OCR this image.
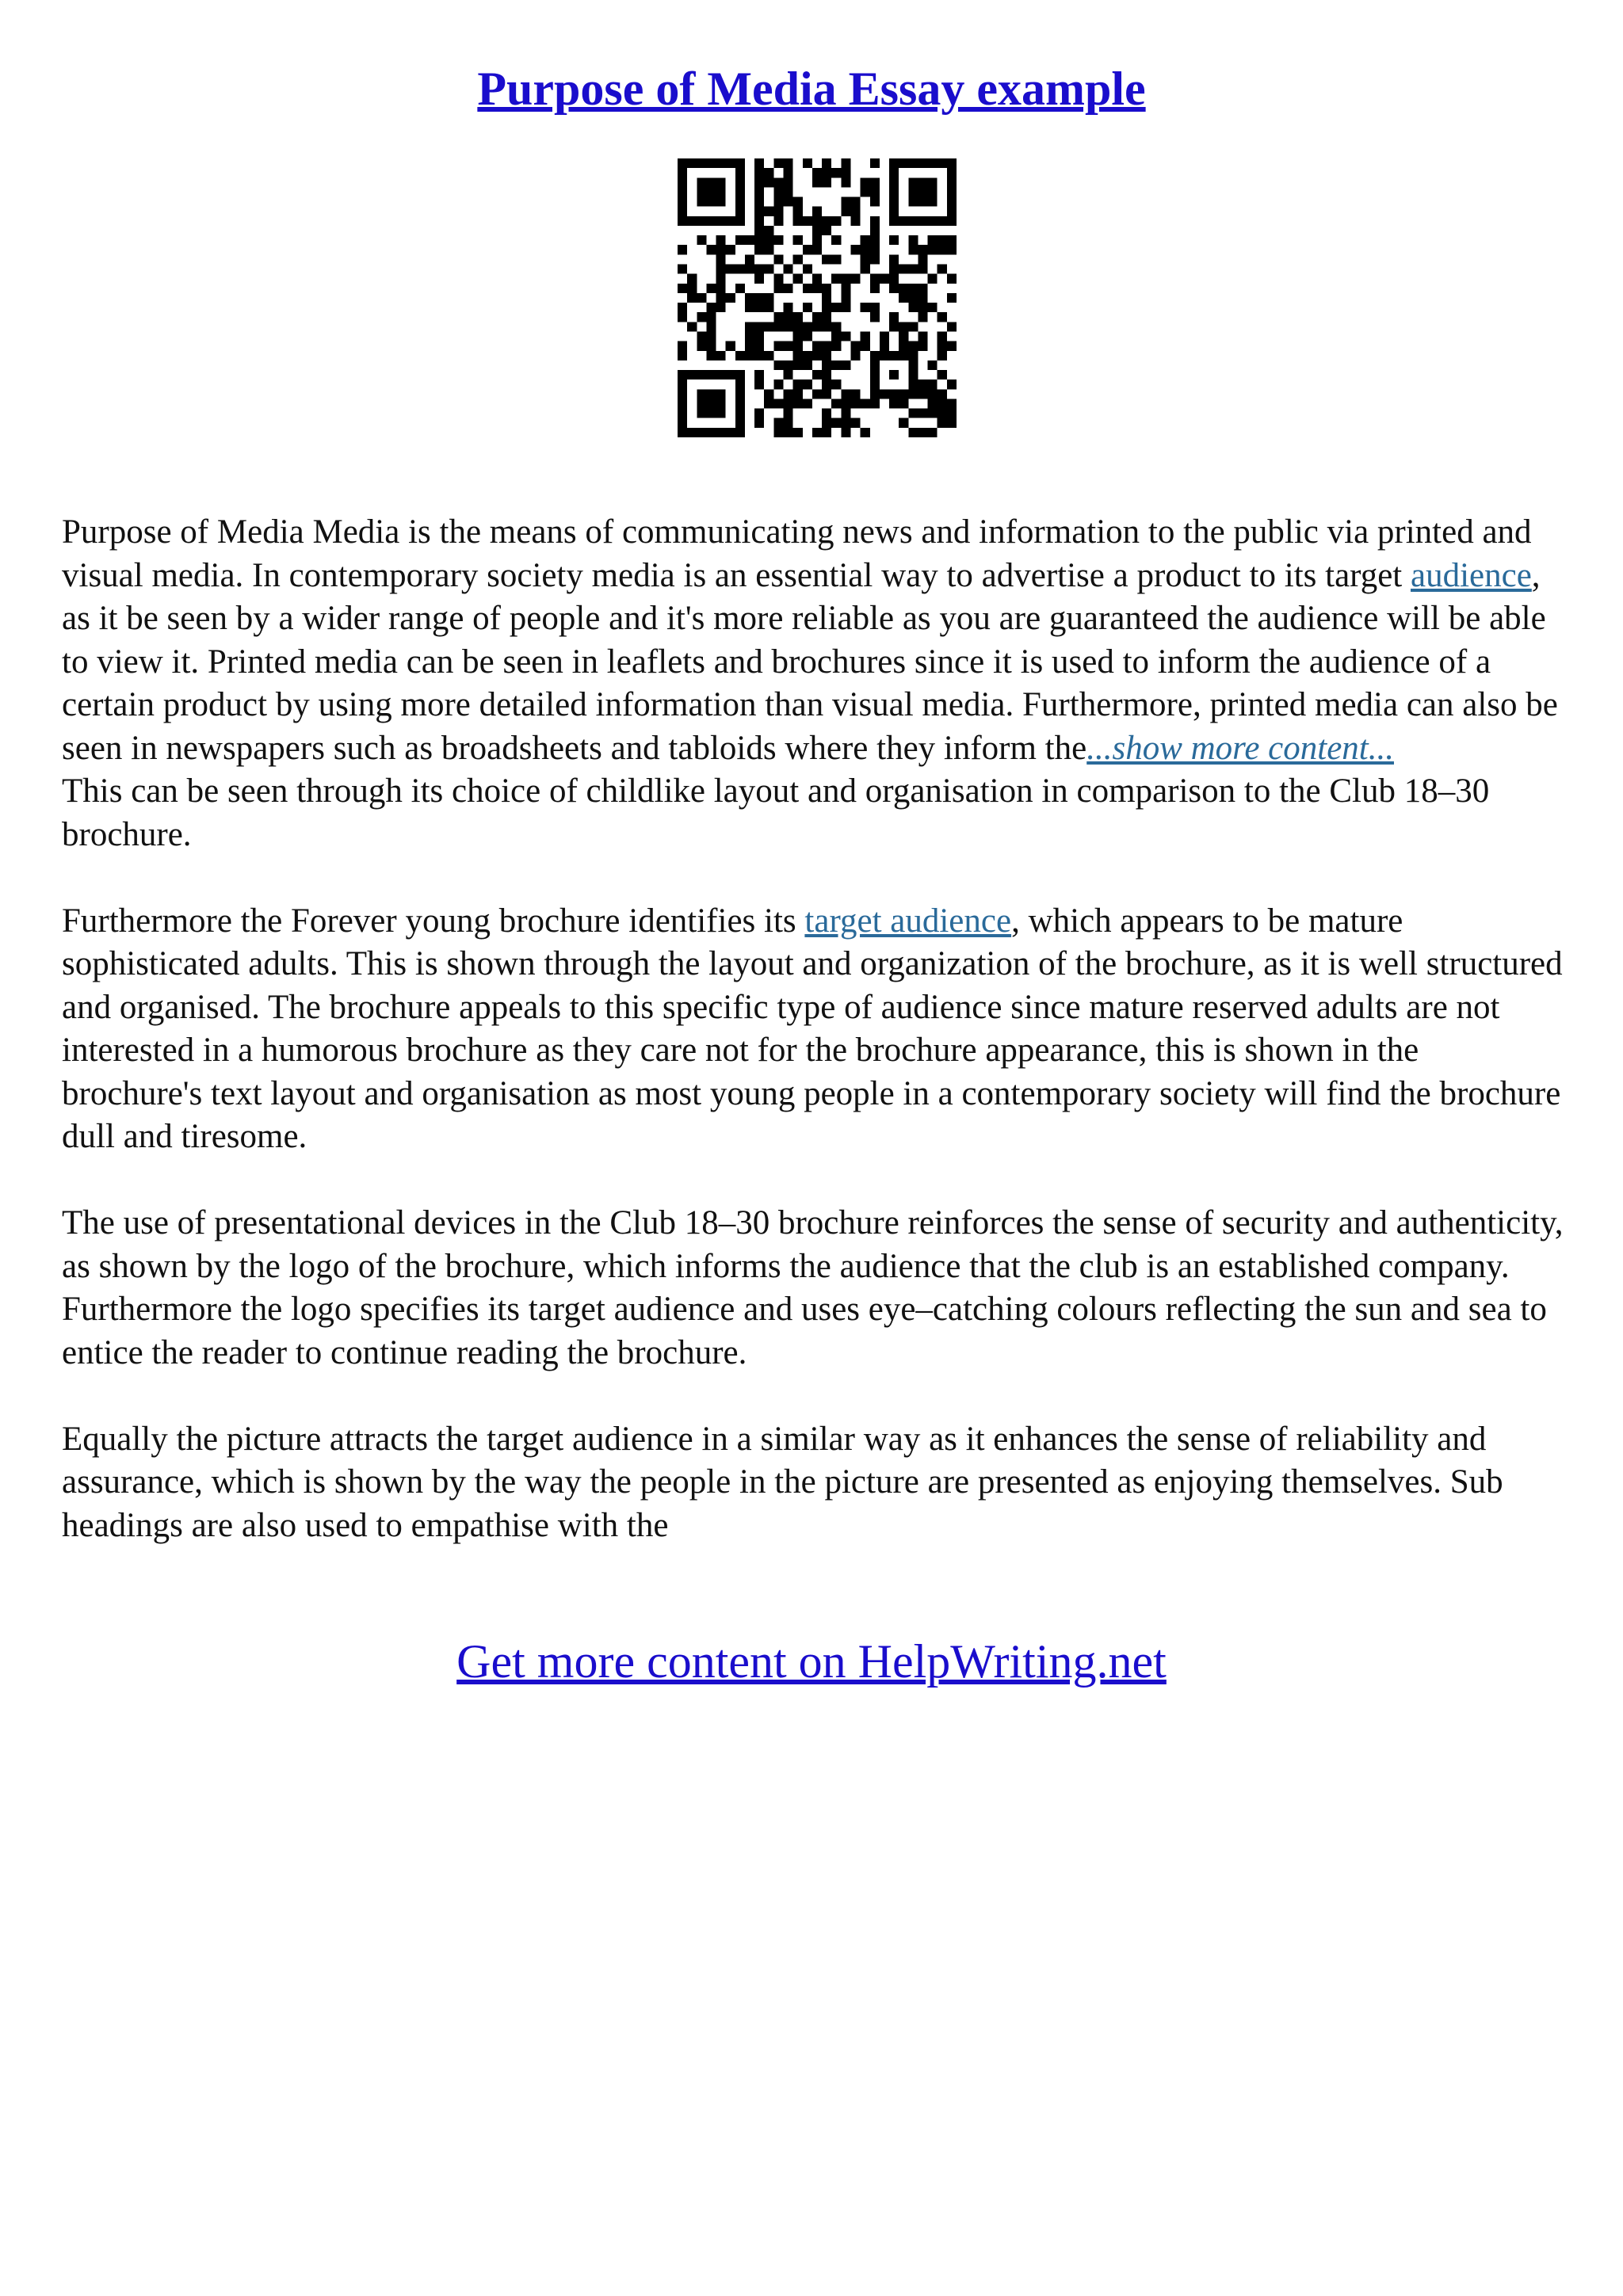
Purpose of Media Essay example

Purpose of Media Media is the means of communicating news and information to the public via printed and visual media. In contemporary society media is an essential way to advertise a product to its target audience, as it be seen by a wider range of people and it's more reliable as you are guaranteed the audience will be able to view it. Printed media can be seen in leaflets and brochures since it is used to inform the audience of a certain product by using more detailed information than visual media. Furthermore, printed media can also be seen in newspapers such as broadsheets and tabloids where they inform the...show more content...

This can be seen through its choice of childlike layout and organisation in comparison to the Club 18–30 brochure.

Furthermore the Forever young brochure identifies its target audience, which appears to be mature sophisticated adults. This is shown through the layout and organization of the brochure, as it is well structured and organised. The brochure appeals to this specific type of audience since mature reserved adults are not interested in a humorous brochure as they care not for the brochure appearance, this is shown in the brochure's text layout and organisation as most young people in a contemporary society will find the brochure dull and tiresome.

The use of presentational devices in the Club 18–30 brochure reinforces the sense of security and authenticity, as shown by the logo of the brochure, which informs the audience that the club is an established company. Furthermore the logo specifies its target audience and uses eye–catching colours reflecting the sun and sea to entice the reader to continue reading the brochure.

Equally the picture attracts the target audience in a similar way as it enhances the sense of reliability and assurance, which is shown by the way the people in the picture are presented as enjoying themselves. Sub headings are also used to empathise with the

Get more content on HelpWriting.net
